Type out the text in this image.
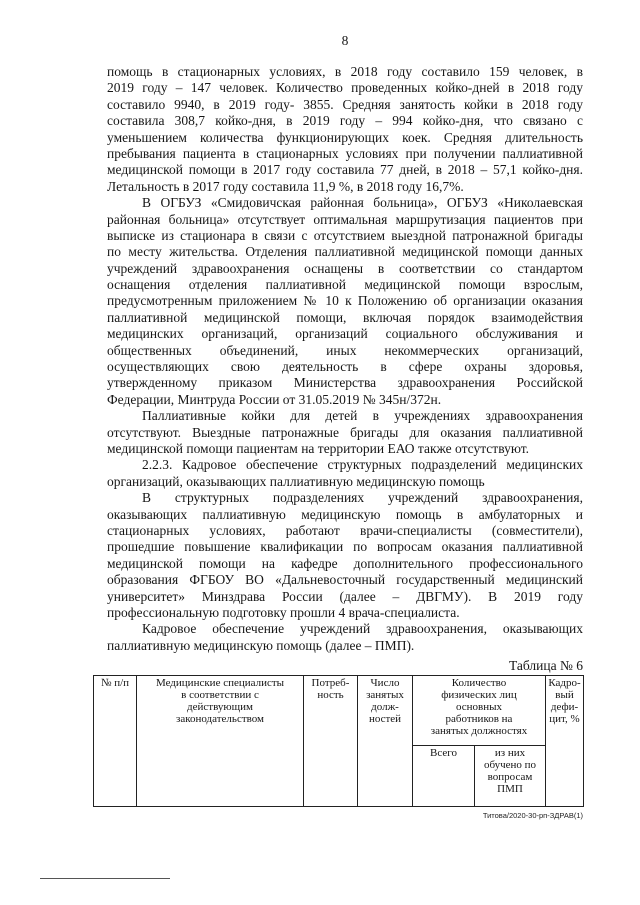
8
помощь в стационарных условиях, в 2018 году составило 159 человек, в
2019 году – 147 человек. Количество проведенных койко-дней в 2018 году
составило 9940, в 2019 году- 3855. Средняя занятость койки в 2018 году
составила 308,7 койко-дня, в 2019 году – 994 койко-дня, что связано с
уменьшением количества функционирующих коек. Средняя длительность
пребывания пациента в стационарных условиях при получении паллиативной
медицинской помощи в 2017 году составила 77 дней, в 2018 – 57,1 койко-дня.
Летальность в 2017 году составила 11,9 %, в 2018 году 16,7%.
В ОГБУЗ «Смидовичская районная больница», ОГБУЗ «Николаевская
районная больница» отсутствует оптимальная маршрутизация пациентов при
выписке из стационара в связи с отсутствием выездной патронажной бригады
по месту жительства. Отделения паллиативной медицинской помощи данных
учреждений здравоохранения оснащены в соответствии со стандартом
оснащения отделения паллиативной медицинской помощи взрослым,
предусмотренным приложением № 10 к Положению об организации оказания
паллиативной медицинской помощи, включая порядок взаимодействия
медицинских организаций, организаций социального обслуживания и
общественных объединений, иных некоммерческих организаций,
осуществляющих свою деятельность в сфере охраны здоровья,
утвержденному приказом Министерства здравоохранения Российской
Федерации, Минтруда России от 31.05.2019 № 345н/372н.
Паллиативные койки для детей в учреждениях здравоохранения
отсутствуют. Выездные патронажные бригады для оказания паллиативной
медицинской помощи пациентам на территории ЕАО также отсутствуют.
2.2.3. Кадровое обеспечение структурных подразделений медицинских
организаций, оказывающих паллиативную медицинскую помощь
В структурных подразделениях учреждений здравоохранения,
оказывающих паллиативную медицинскую помощь в амбулаторных и
стационарных условиях, работают врачи-специалисты (совместители),
прошедшие повышение квалификации по вопросам оказания паллиативной
медицинской помощи на кафедре дополнительного профессионального
образования ФГБОУ ВО «Дальневосточный государственный медицинский
университет» Минздрава России (далее – ДВГМУ). В 2019 году
профессиональную подготовку прошли 4 врача-специалиста.
Кадровое обеспечение учреждений здравоохранения, оказывающих
паллиативную медицинскую помощь (далее – ПМП).
Таблица № 6
№ п/п	Медицинские специалисты
в соответствии с
действующим
законодательством	Потреб-
ность	Число
занятых
долж-
ностей	Количество
физических лиц
основных
работников на
занятых должностях		Кадро-
вый
дефи-
цит, %
				Всего	из них
обучено по
вопросам
ПМП	
Титова/2020-30-рп-ЗДРАВ(1)
